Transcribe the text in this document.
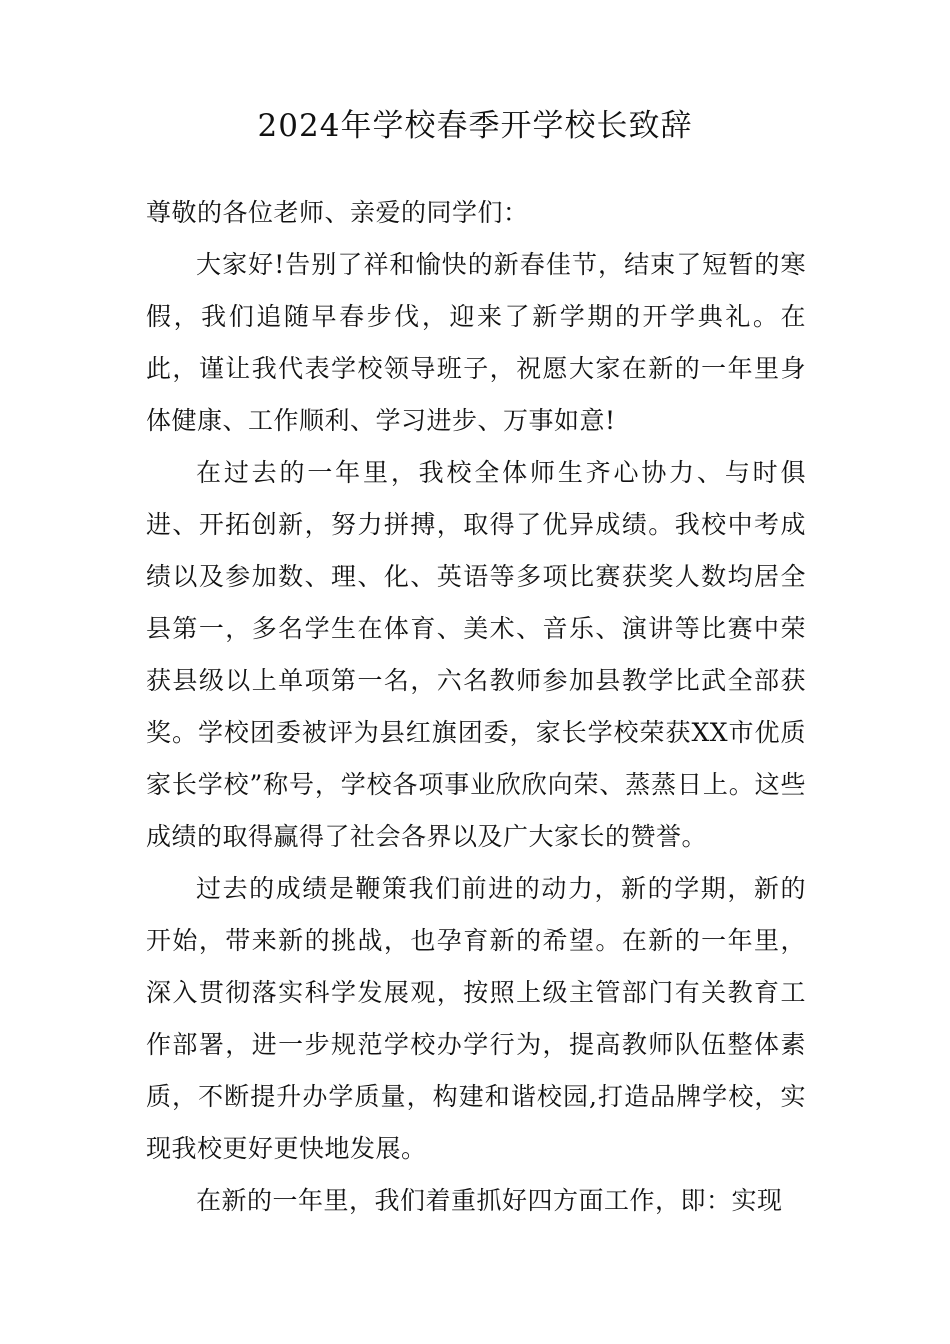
2024年学校春季开学校长致辞

尊敬的各位老师、亲爱的同学们：

大家好!告别了祥和愉快的新春佳节，结束了短暂的寒假，我们追随早春步伐，迎来了新学期的开学典礼。在此，谨让我代表学校领导班子，祝愿大家在新的一年里身体健康、工作顺利、学习进步、万事如意!

在过去的一年里，我校全体师生齐心协力、与时俱进、开拓创新，努力拼搏，取得了优异成绩。我校中考成绩以及参加数、理、化、英语等多项比赛获奖人数均居全县第一，多名学生在体育、美术、音乐、演讲等比赛中荣获县级以上单项第一名，六名教师参加县教学比武全部获奖。学校团委被评为县红旗团委，家长学校荣获XX市优质家长学校”称号，学校各项事业欣欣向荣、蒸蒸日上。这些成绩的取得赢得了社会各界以及广大家长的赞誉。

过去的成绩是鞭策我们前进的动力，新的学期，新的开始，带来新的挑战，也孕育新的希望。在新的一年里，深入贯彻落实科学发展观，按照上级主管部门有关教育工作部署，进一步规范学校办学行为，提高教师队伍整体素质，不断提升办学质量，构建和谐校园,打造品牌学校，实现我校更好更快地发展。

在新的一年里，我们着重抓好四方面工作，即：实现
